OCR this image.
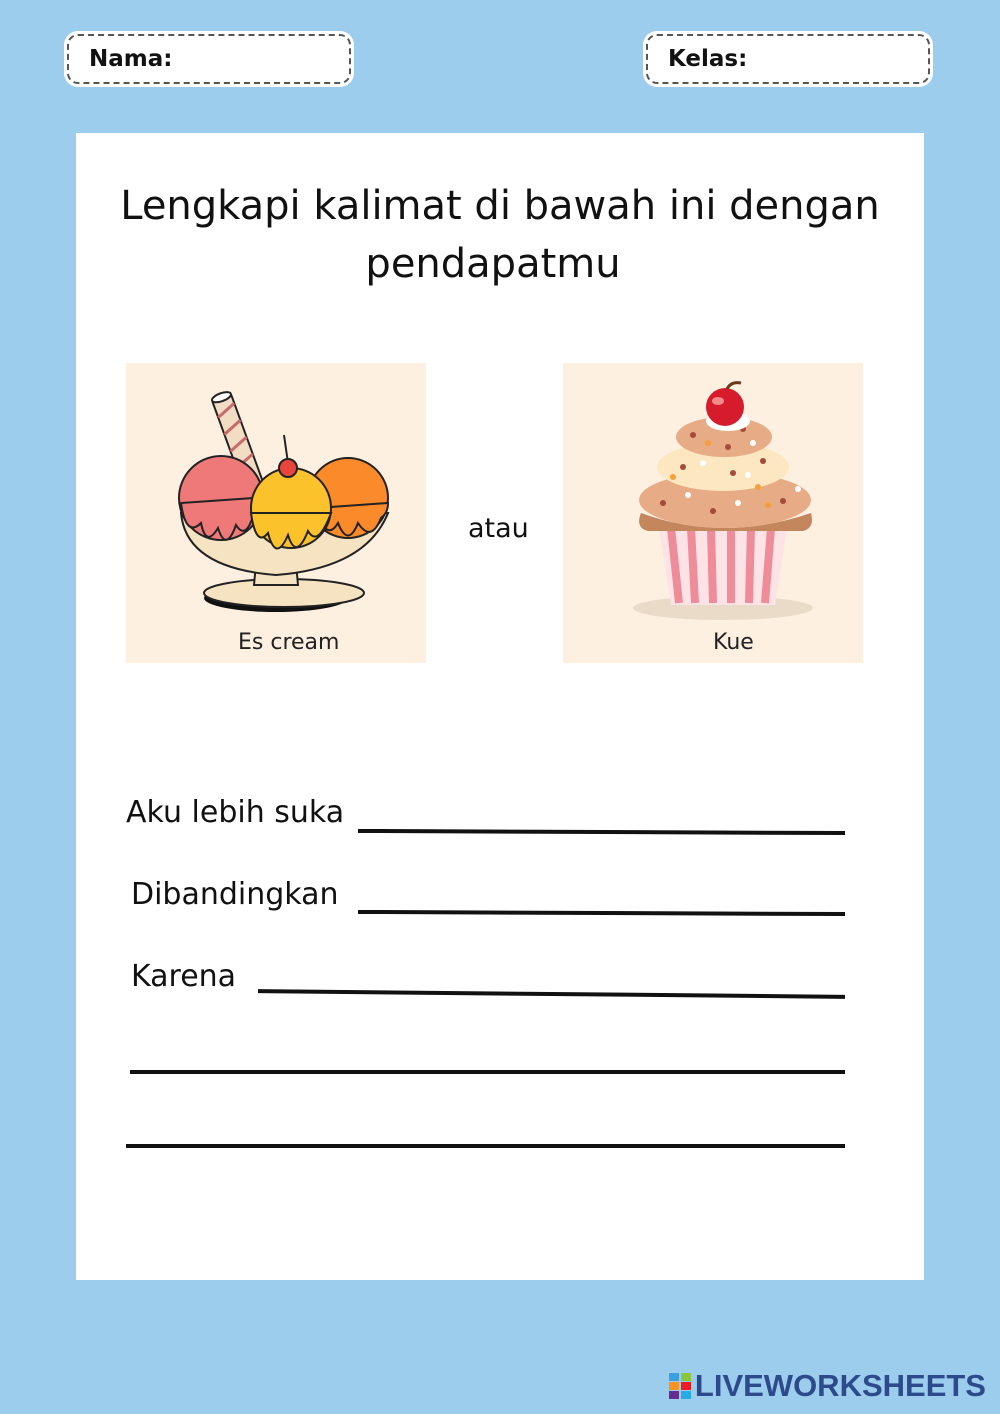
Nama:	Kelas:
Lengkapi kalimat di bawah ini dengan
pendapatmu
Es cream
atau
Kue
Aku lebih suka
Dibandingkan
Karena
LIVEWORKSHEETS
